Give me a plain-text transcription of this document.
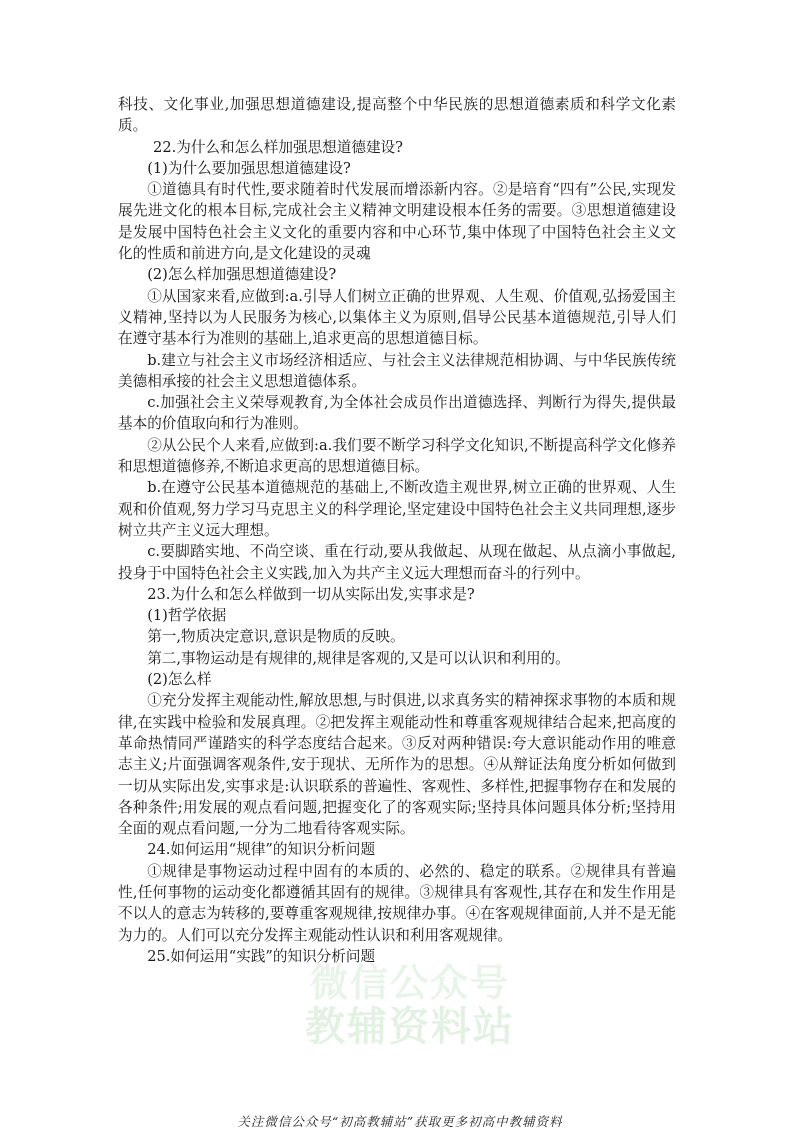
科技、文化事业,加强思想道德建设,提高整个中华民族的思想道德素质和科学文化素质。

22.为什么和怎么样加强思想道德建设?

(1)为什么要加强思想道德建设?

①道德具有时代性,要求随着时代发展而增添新内容。②是培育“四有”公民,实现发展先进文化的根本目标,完成社会主义精神文明建设根本任务的需要。③思想道德建设是发展中国特色社会主义文化的重要内容和中心环节,集中体现了中国特色社会主义文化的性质和前进方向,是文化建设的灵魂

(2)怎么样加强思想道德建设?

①从国家来看,应做到:a.引导人们树立正确的世界观、人生观、价值观,弘扬爱国主义精神,坚持以为人民服务为核心,以集体主义为原则,倡导公民基本道德规范,引导人们在遵守基本行为准则的基础上,追求更高的思想道德目标。

b.建立与社会主义市场经济相适应、与社会主义法律规范相协调、与中华民族传统美德相承接的社会主义思想道德体系。

c.加强社会主义荣辱观教育,为全体社会成员作出道德选择、判断行为得失,提供最基本的价值取向和行为准则。

②从公民个人来看,应做到:a.我们要不断学习科学文化知识,不断提高科学文化修养和思想道德修养,不断追求更高的思想道德目标。

b.在遵守公民基本道德规范的基础上,不断改造主观世界,树立正确的世界观、人生观和价值观,努力学习马克思主义的科学理论,坚定建设中国特色社会主义共同理想,逐步树立共产主义远大理想。

c.要脚踏实地、不尚空谈、重在行动,要从我做起、从现在做起、从点滴小事做起,投身于中国特色社会主义实践,加入为共产主义远大理想而奋斗的行列中。

23.为什么和怎么样做到一切从实际出发,实事求是?

(1)哲学依据

第一,物质决定意识,意识是物质的反映。

第二,事物运动是有规律的,规律是客观的,又是可以认识和利用的。

(2)怎么样

①充分发挥主观能动性,解放思想,与时俱进,以求真务实的精神探求事物的本质和规律,在实践中检验和发展真理。②把发挥主观能动性和尊重客观规律结合起来,把高度的革命热情同严谨踏实的科学态度结合起来。③反对两种错误:夸大意识能动作用的唯意志主义;片面强调客观条件,安于现状、无所作为的思想。④从辩证法角度分析如何做到一切从实际出发,实事求是:认识联系的普遍性、客观性、多样性,把握事物存在和发展的各种条件;用发展的观点看问题,把握变化了的客观实际;坚持具体问题具体分析;坚持用全面的观点看问题,一分为二地看待客观实际。

24.如何运用“规律”的知识分析问题

①规律是事物运动过程中固有的本质的、必然的、稳定的联系。②规律具有普遍性,任何事物的运动变化都遵循其固有的规律。③规律具有客观性,其存在和发生作用是不以人的意志为转移的,要尊重客观规律,按规律办事。④在客观规律面前,人并不是无能为力的。人们可以充分发挥主观能动性认识和利用客观规律。

25.如何运用“实践”的知识分析问题

微信公众号
教辅资料站
关注微信公众号“初高教辅站”获取更多初高中教辅资料
